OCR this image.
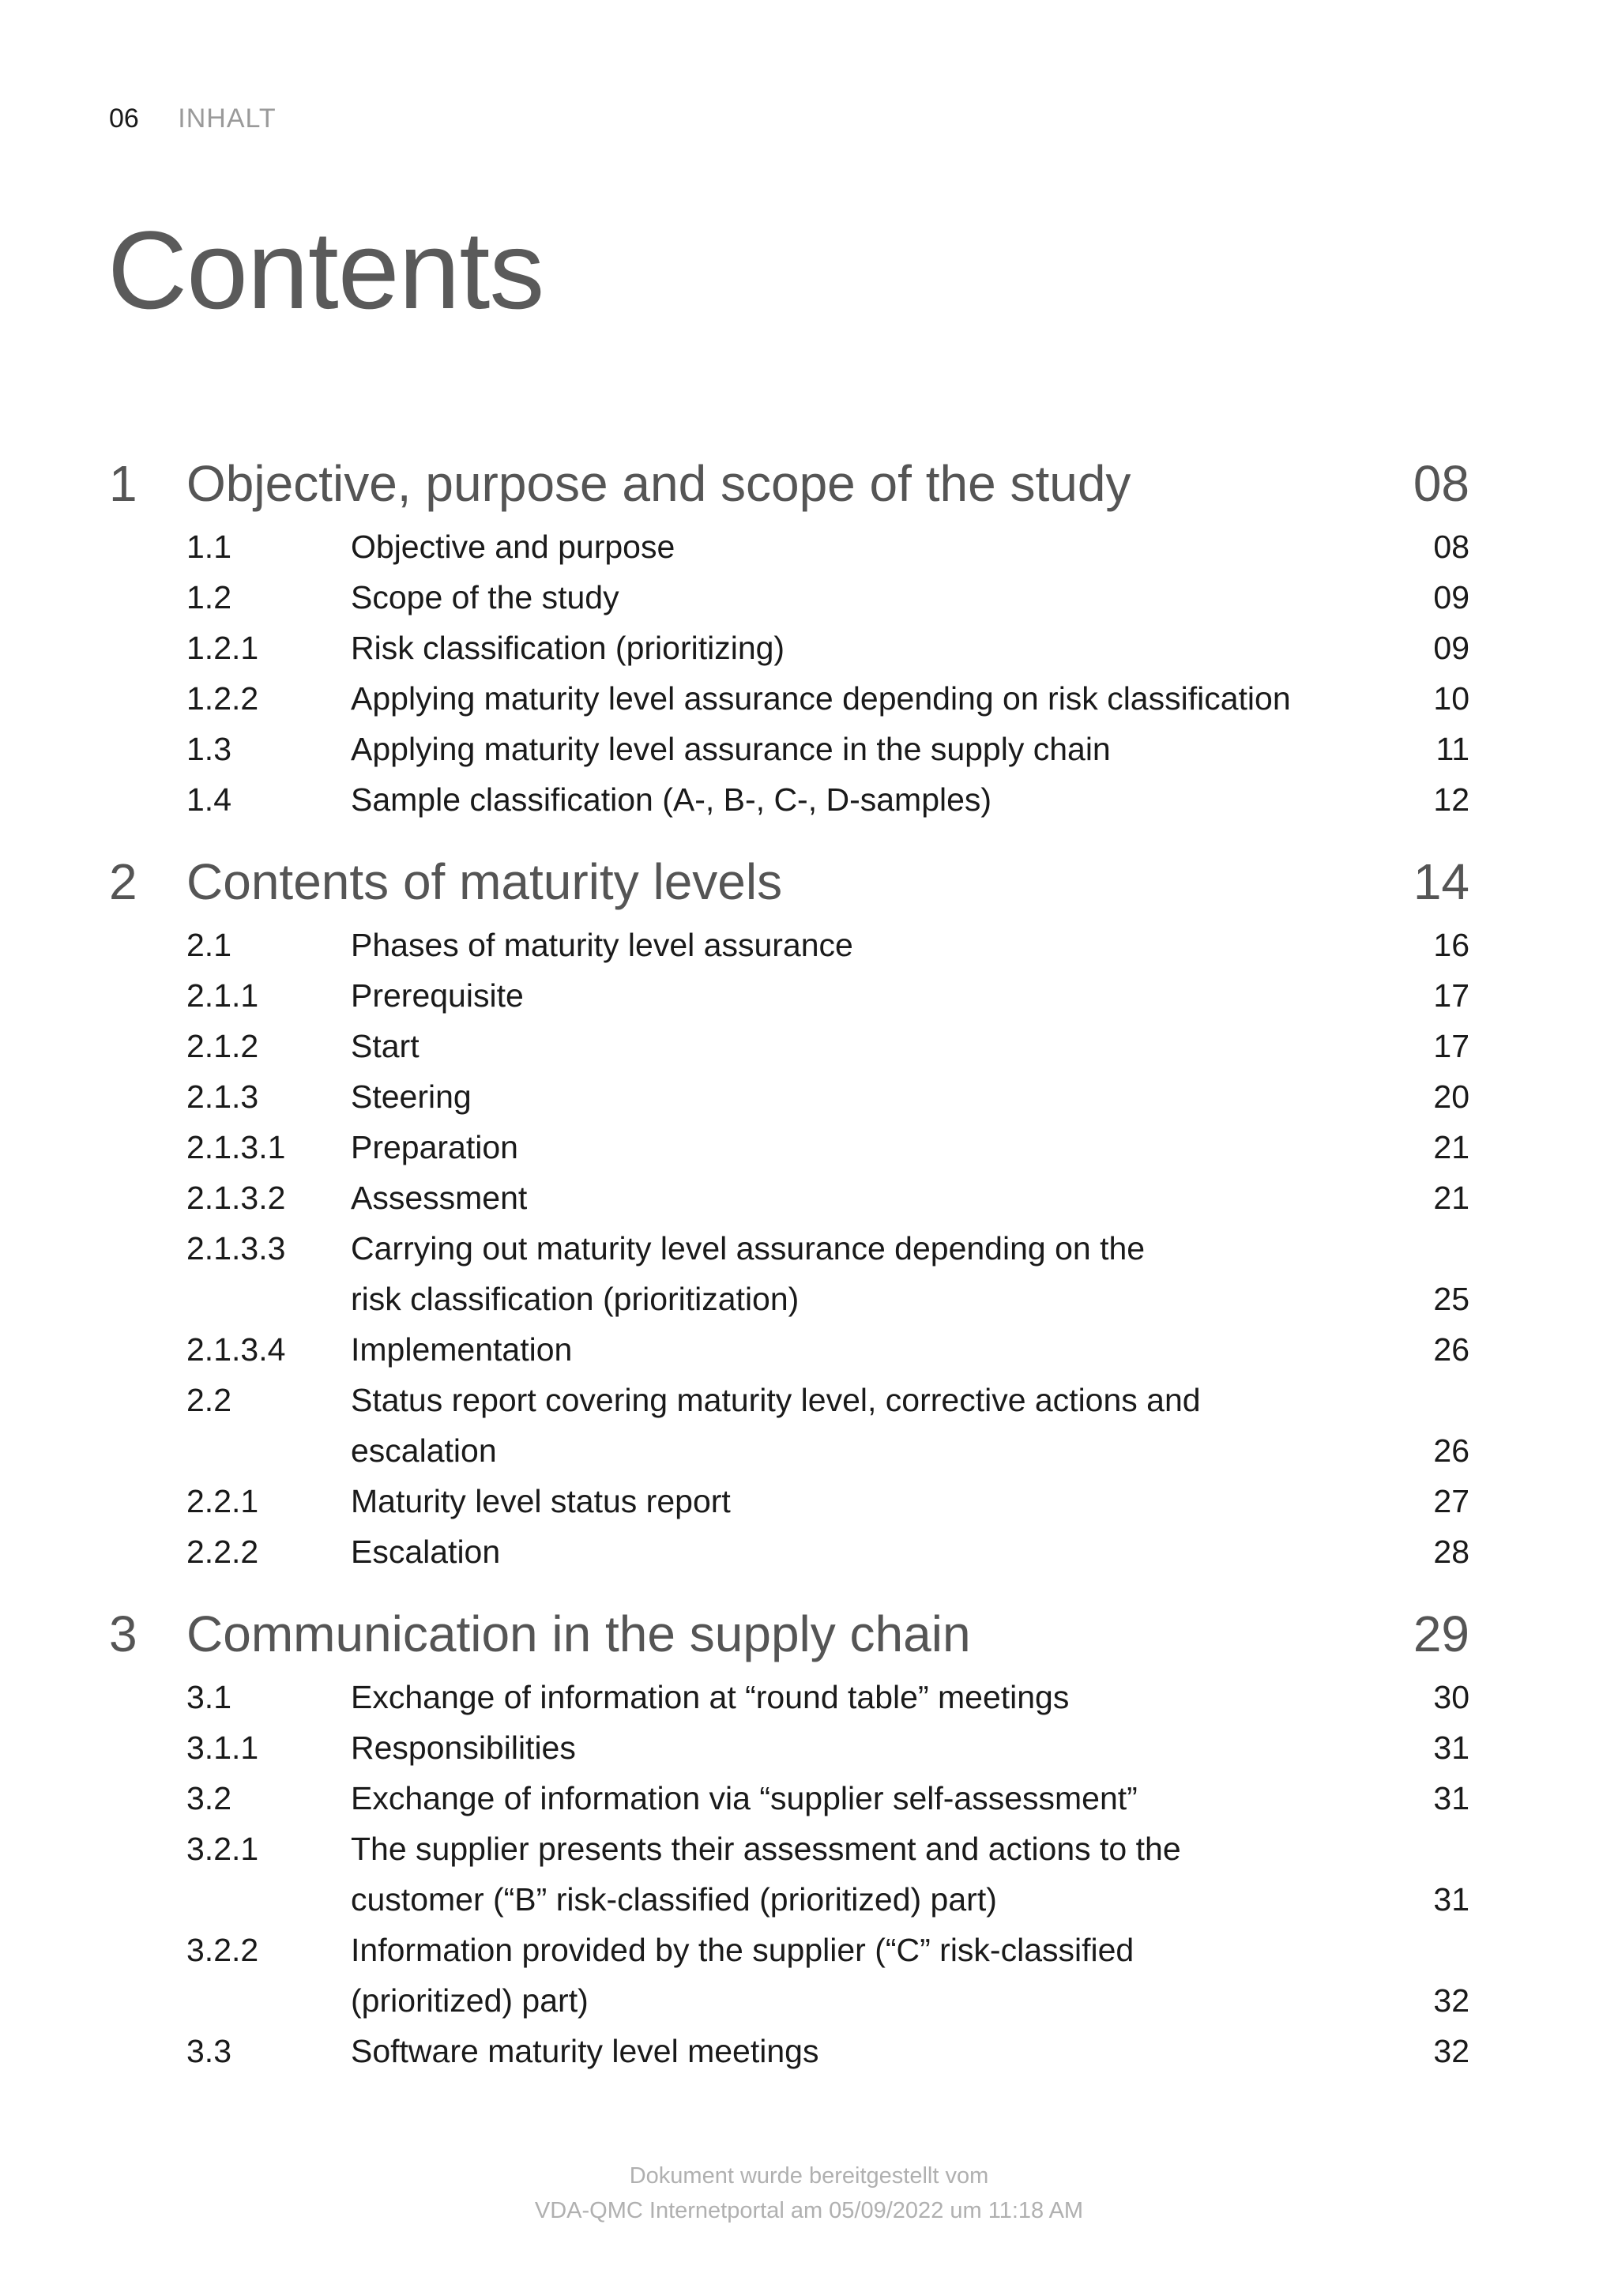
06 INHALT
Contents
1 Objective, purpose and scope of the study	08
1.1	Objective and purpose	08
1.2	Scope of the study	09
1.2.1	Risk classification (prioritizing)	09
1.2.2	Applying maturity level assurance depending on risk classification	10
1.3	Applying maturity level assurance in the supply chain	11
1.4	Sample classification (A-, B-, C-, D-samples)	12
2 Contents of maturity levels	14
2.1	Phases of maturity level assurance	16
2.1.1	Prerequisite	17
2.1.2	Start	17
2.1.3	Steering	20
2.1.3.1 Preparation	21
2.1.3.2 Assessment	21
2.1.3.3 Carrying out maturity level assurance depending on the
risk classification (prioritization)	25
2.1.3.4 Implementation	26
2.2	Status report covering maturity level, corrective actions and
escalation	26
2.2.1	Maturity level status report	27
2.2.2	Escalation	28
3 Communication in the supply chain	29
3.1	Exchange of information at “round table” meetings	30
3.1.1	Responsibilities	31
3.2	Exchange of information via “supplier self-assessment”	31
3.2.1	The supplier presents their assessment and actions to the
customer (“B” risk-classified (prioritized) part)	31
3.2.2	Information provided by the supplier (“C” risk-classified
(prioritized) part)	32
3.3	Software maturity level meetings	32
Dokument wurde bereitgestellt vom
VDA-QMC Internetportal am 05/09/2022 um 11:18 AM
